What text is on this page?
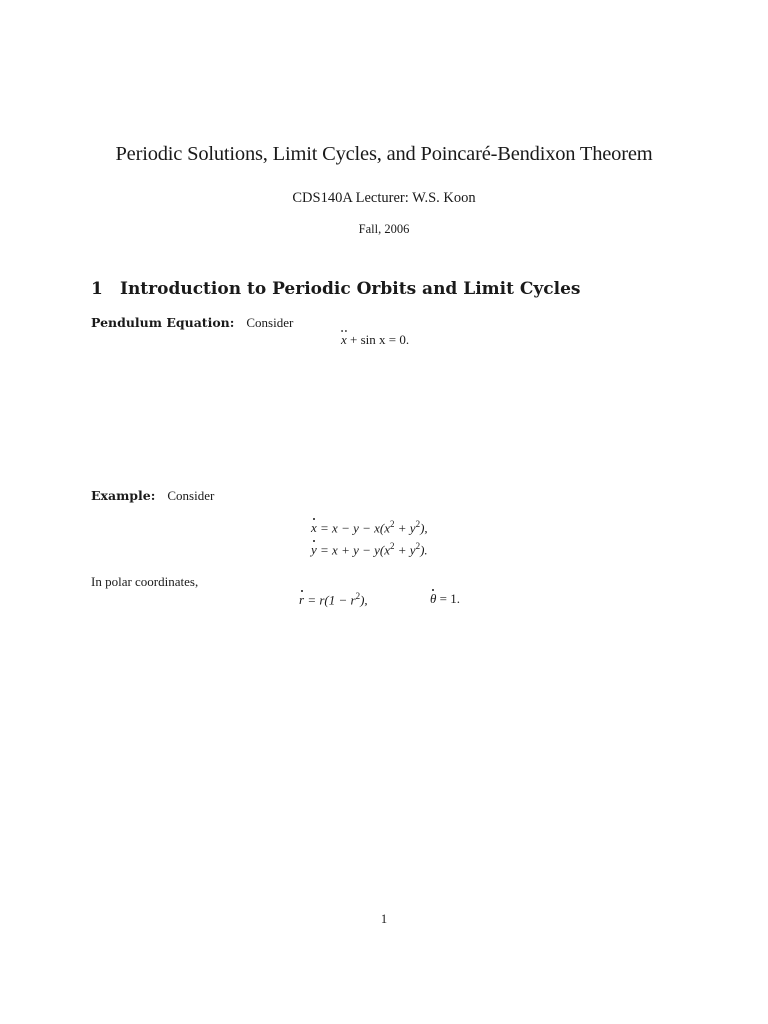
Periodic Solutions, Limit Cycles, and Poincaré-Bendixon Theorem
CDS140A Lecturer: W.S. Koon
Fall, 2006
1 Introduction to Periodic Orbits and Limit Cycles
Pendulum Equation: Consider
x + sin x = 0.
Example: Consider
$x = x - y - x(x^2 + y^2)$,
$y = x + y - y(x^2 + y^2)$.
In polar coordinates,
$r = r(1 - r^2)$,	θ = 1.
1
